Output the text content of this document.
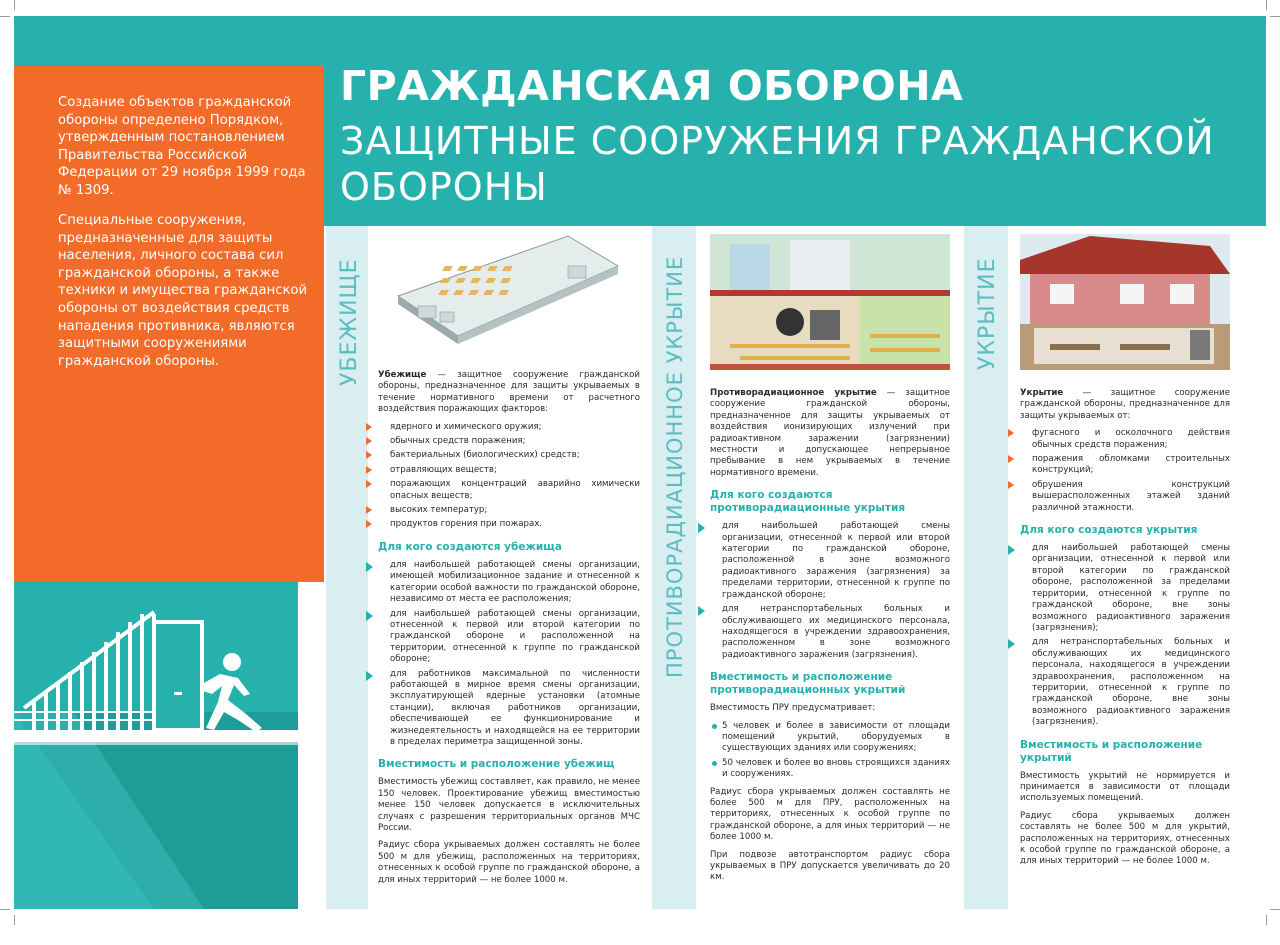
ГРАЖДАНСКАЯ ОБОРОНА
ЗАЩИТНЫЕ СООРУЖЕНИЯ ГРАЖДАНСКОЙ ОБОРОНЫ

Создание объектов гражданской обороны определено Порядком, утвержденным постановлением Правительства Российской Федерации от 29 ноября 1999 года № 1309.

Специальные сооружения, предназначенные для защиты населения, личного состава сил гражданской обороны, а также техники и имущества гражданской обороны от воздействия средств нападения противника, являются защитными сооружениями гражданской обороны.	УБЕЖИЩЕ Убежище — защитное сооружение гражданской обороны, предназначенное для защиты укрываемых в течение нормативного времени от расчетного воздействия поражающих факторов:

ядерного и химического оружия;
обычных средств поражения;
бактериальных (биологических) средств;
отравляющих веществ;
поражающих концентраций аварийно химически опасных веществ;
высоких температур;
продуктов горения при пожарах.
Для кого создаются убежища
для наибольшей работающей смены организации, имеющей мобилизационное задание и отнесенной к категории особой важности по гражданской обороне, независимо от места ее расположения;
для наибольшей работающей смены организации, отнесенной к первой или второй категории по гражданской обороне и расположенной на территории, отнесенной к группе по гражданской обороне;
для работников максимальной по численности работающей в мирное время смены организации, эксплуатирующей ядерные установки (атомные станции), включая работников организации, обеспечивающей ее функционирование и жизнедеятельность и находящейся на ее территории в пределах периметра защищенной зоны.
Вместимость и расположение убежищ

Вместимость убежищ составляет, как правило, не менее 150 человек. Проектирование убежищ вместимостью менее 150 человек допускается в исключительных случаях с разрешения территориальных органов МЧС России.

Радиус сбора укрываемых должен составлять не более 500 м для убежищ, расположенных на территориях, отнесенных к особой группе по гражданской обороне, а для иных территорий — не более 1000 м.

ПРОТИВОРАДИАЦИОННОЕ УКРЫТИЕ	Противорадиационное укрытие — защитное сооружение гражданской обороны, предназначенное для защиты укрываемых от воздействия ионизирующих излучений при радиоактивном заражении (загрязнении) местности и допускающее непрерывное пребывание в нем укрываемых в течение нормативного времени.

Для кого создаются противорадиационные укрытия
для наибольшей работающей смены организации, отнесенной к первой или второй категории по гражданской обороне, расположенной в зоне возможного радиоактивного заражения (загрязнения) за пределами территории, отнесенной к группе по гражданской обороне;
для нетранспортабельных больных и обслуживающего их медицинского персонала, находящегося в учреждении здравоохранения, расположенном в зоне возможного радиоактивного заражения (загрязнения).
Вместимость и расположение противорадиационных укрытий

Вместимость ПРУ предусматривает:

5 человек и более в зависимости от площади помещений укрытий, оборудуемых в существующих зданиях или сооружениях;
50 человек и более во вновь строящихся зданиях и сооружениях.

Радиус сбора укрываемых должен составлять не более 500 м для ПРУ, расположенных на территориях, отнесенных к особой группе по гражданской обороне, а для иных территорий — не более 1000 м.

При подвозе автотранспортом радиус сбора укрываемых в ПРУ допускается увеличивать до 20 км.

УКРЫТИЕ

Укрытие — защитное сооружение гражданской обороны, предназначенное для защиты укрываемых от:

фугасного и осколочного действия обычных средств поражения;
поражения обломками строительных конструкций;
обрушения конструкций вышерасположенных этажей зданий различной этажности.
Для кого создаются укрытия
для наибольшей работающей смены организации, отнесенной к первой или второй категории по гражданской обороне, расположенной за пределами территории, отнесенной к группе по гражданской обороне, вне зоны возможного радиоактивного заражения (загрязнения);
для нетранспортабельных больных и обслуживающих их медицинского персонала, находящегося в учреждении здравоохранения, расположенном на территории, отнесенной к группе по гражданской обороне, вне зоны возможного радиоактивного заражения (загрязнения).
Вместимость и расположение укрытий

Вместимость укрытий не нормируется и принимается в зависимости от площади используемых помещений.

Радиус сбора укрываемых должен составлять не более 500 м для укрытий, расположенных на территориях, отнесенных к особой группе по гражданской обороне, а для иных территорий — не более 1000 м.
